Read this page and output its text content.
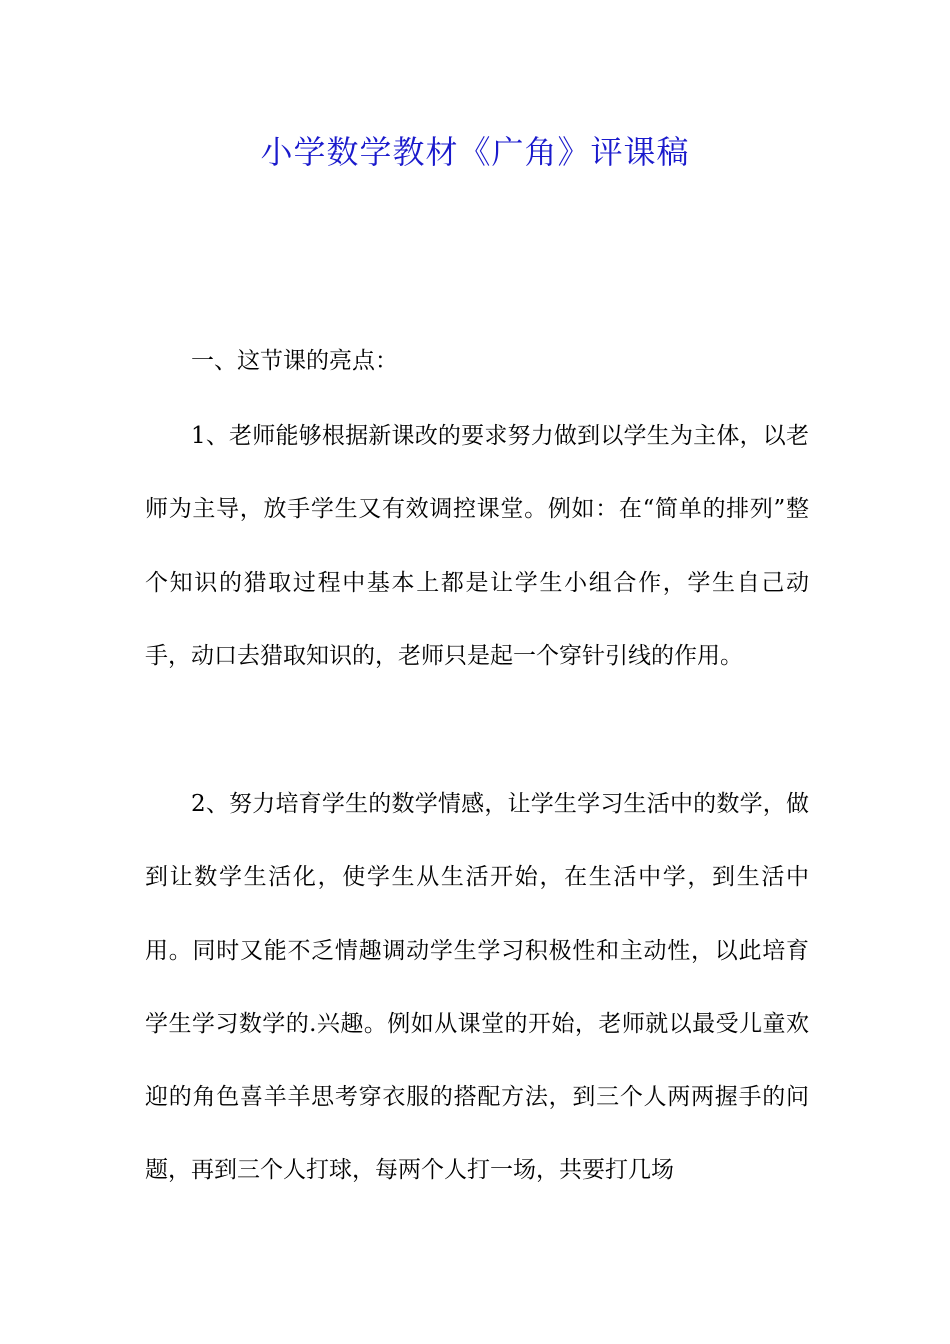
小学数学教材《广角》评课稿
一、这节课的亮点：

1、老师能够根据新课改的要求努力做到以学生为主体，以老师为主导，放手学生又有效调控课堂。例如：在“简单的排列”整个知识的猎取过程中基本上都是让学生小组合作，学生自己动手，动口去猎取知识的，老师只是起一个穿针引线的作用。

2、努力培育学生的数学情感，让学生学习生活中的数学，做到让数学生活化，使学生从生活开始，在生活中学，到生活中用。同时又能不乏情趣调动学生学习积极性和主动性，以此培育学生学习数学的.兴趣。例如从课堂的开始，老师就以最受儿童欢迎的角色喜羊羊思考穿衣服的搭配方法，到三个人两两握手的问题，再到三个人打球，每两个人打一场，共要打几场
